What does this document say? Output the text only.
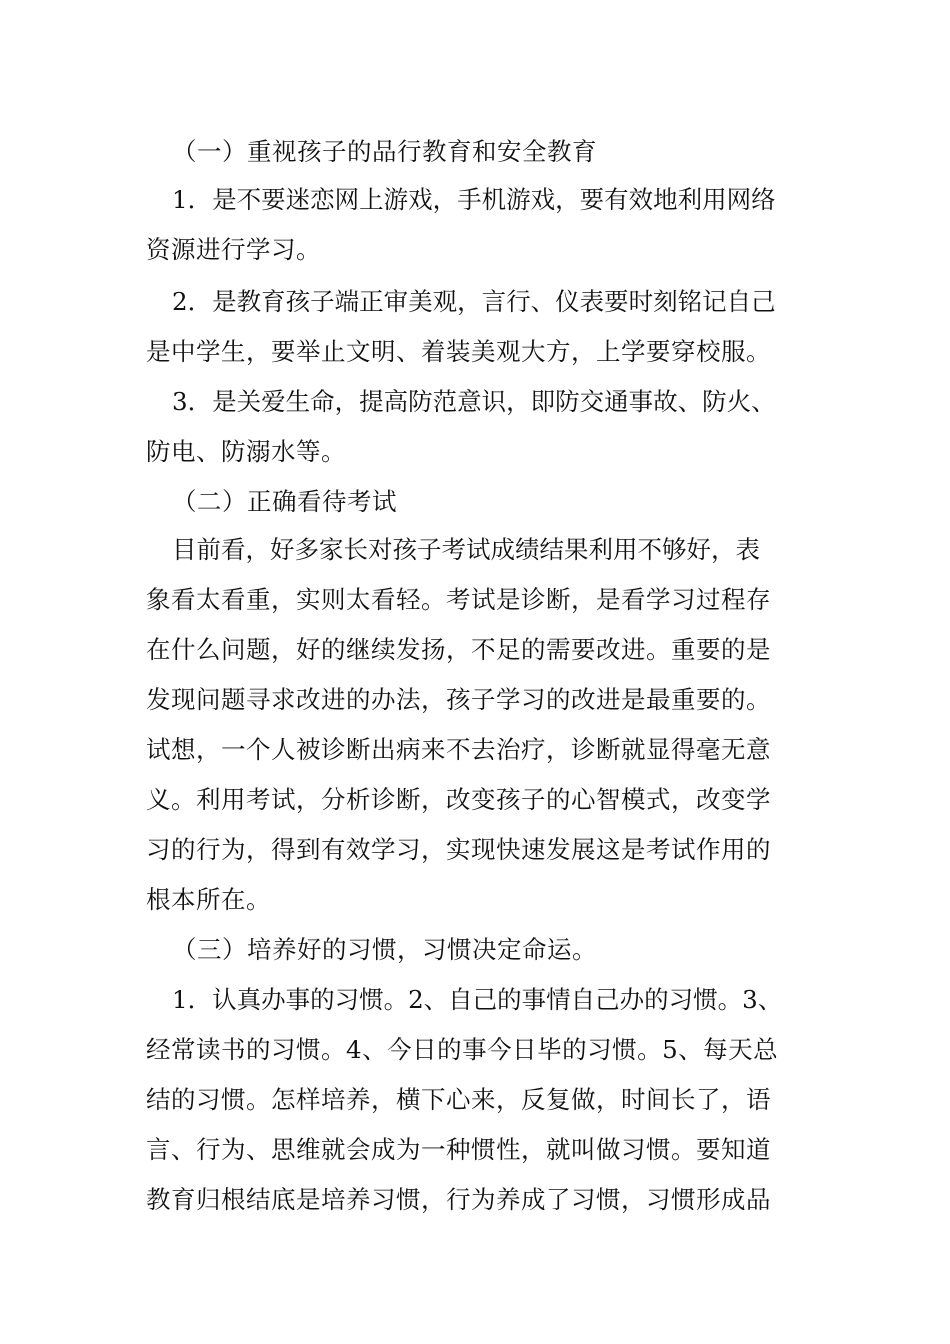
（一）重视孩子的品行教育和安全教育
1．是不要迷恋网上游戏，手机游戏，要有效地利用网络
资源进行学习。
2．是教育孩子端正审美观，言行、仪表要时刻铭记自己
是中学生，要举止文明、着装美观大方，上学要穿校服。
3．是关爱生命，提高防范意识，即防交通事故、防火、
防电、防溺水等。
（二）正确看待考试
目前看，好多家长对孩子考试成绩结果利用不够好，表
象看太看重，实则太看轻。考试是诊断，是看学习过程存
在什么问题，好的继续发扬，不足的需要改进。重要的是
发现问题寻求改进的办法，孩子学习的改进是最重要的。
试想，一个人被诊断出病来不去治疗，诊断就显得毫无意
义。利用考试，分析诊断，改变孩子的心智模式，改变学
习的行为，得到有效学习，实现快速发展这是考试作用的
根本所在。
（三）培养好的习惯，习惯决定命运。
1．认真办事的习惯。2、自己的事情自己办的习惯。3、
经常读书的习惯。4、今日的事今日毕的习惯。5、每天总
结的习惯。怎样培养，横下心来，反复做，时间长了，语
言、行为、思维就会成为一种惯性，就叫做习惯。要知道
教育归根结底是培养习惯，行为养成了习惯，习惯形成品
